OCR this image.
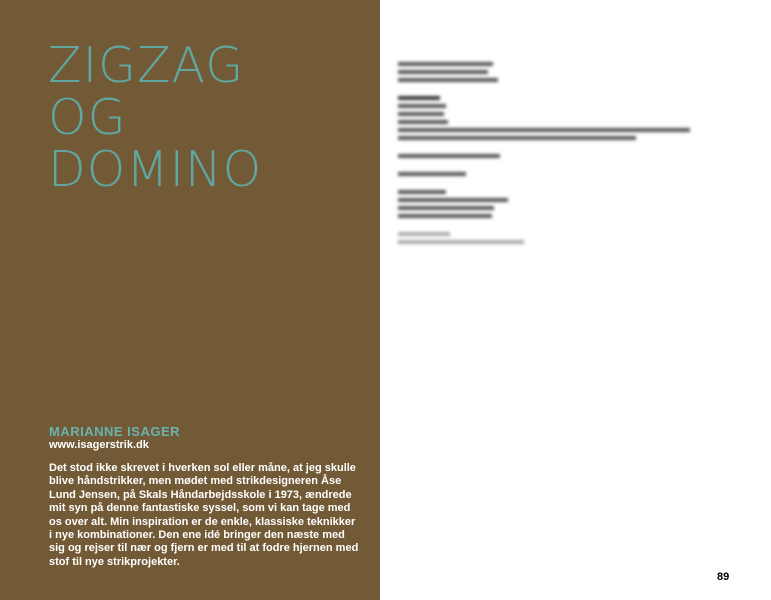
ZIGZAG
OG
DOMINO
MARIANNE ISAGER
www.isagerstrik.dk

Det stod ikke skrevet i hverken sol eller måne, at jeg skulle blive håndstrikker, men mødet med strikdesigneren Åse Lund Jensen, på Skals Håndarbejdsskole i 1973, ændrede mit syn på denne fantastiske syssel, som vi kan tage med os over alt. Min inspiration er de enkle, klassiske teknikker i nye kombinationer. Den ene idé bringer den næste med sig og rejser til nær og fjern er med til at fodre hjernen med stof til nye strikprojekter.

​
89
